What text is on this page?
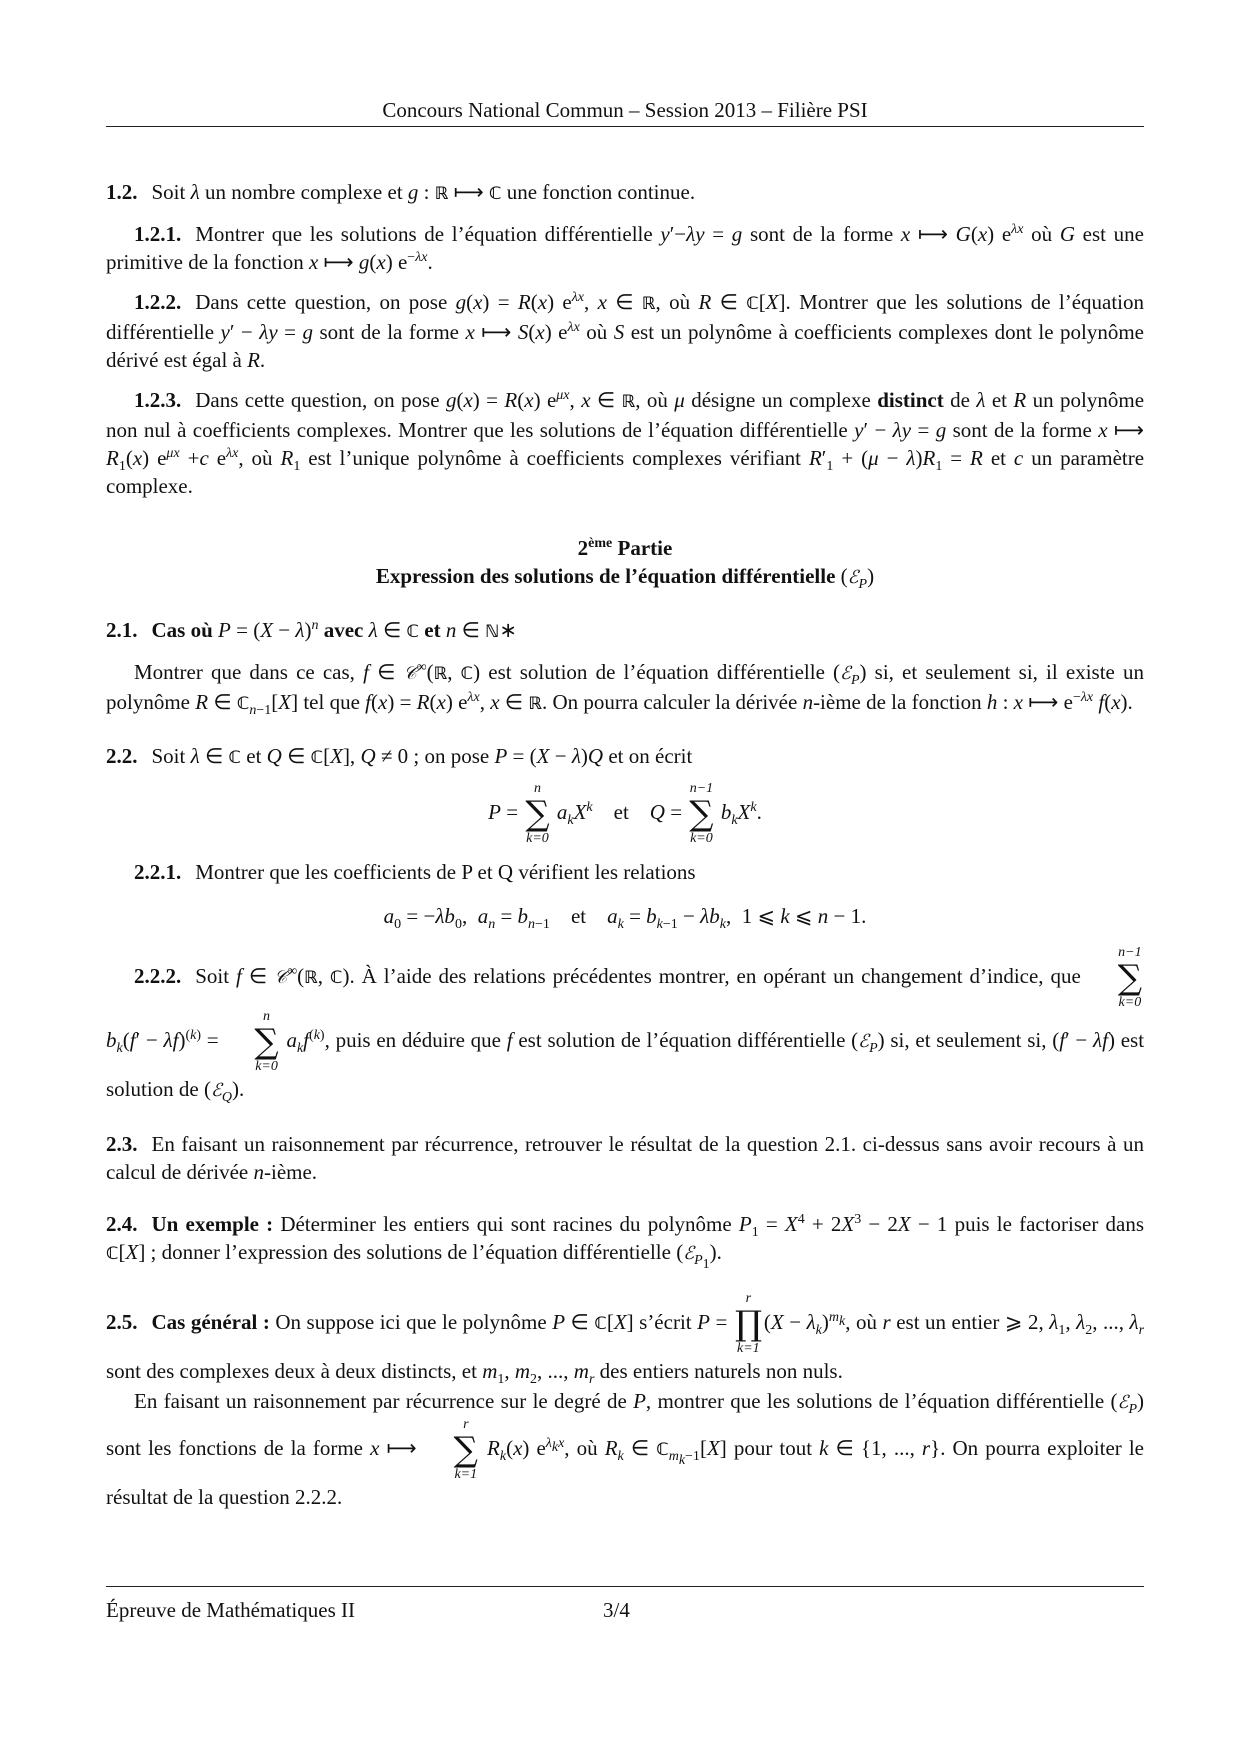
Concours National Commun – Session 2013 – Filière PSI

1.2. Soit λ un nombre complexe et g : ℝ ⟼ ℂ une fonction continue.

1.2.1. Montrer que les solutions de l’équation différentielle y′−λy = g sont de la forme x ⟼ G(x) $e^{\lambda x}$ où G est une primitive de la fonction x ⟼ g(x) $e^{-\lambda x}$.

1.2.2. Dans cette question, on pose g(x) = R(x) $e^{\lambda x}$, x ∈ ℝ, où R ∈ ℂ[X]. Montrer que les solutions de l’équation différentielle y′ − λy = g sont de la forme x ⟼ S(x) $e^{\lambda x}$ où S est un polynôme à coefficients complexes dont le polynôme dérivé est égal à R.

1.2.3. Dans cette question, on pose g(x) = R(x) $e^{\mu x}$, x ∈ ℝ, où μ désigne un complexe distinct de λ et R un polynôme non nul à coefficients complexes. Montrer que les solutions de l’équation différentielle y′ − λy = g sont de la forme x ⟼ $R_1(x)$ $e^{\mu x} +c$ $e^{\lambda x}$, où $R_1$ est l’unique polynôme à coefficients complexes vérifiant $R'_1 + (\mu - \lambda)R_1 = R$ et c un paramètre complexe.

2ème Partie

Expression des solutions de l’équation différentielle (ℰ$_P$)

2.1. Cas où $P = (X - \lambda)^n$ avec λ ∈ ℂ et n ∈ ℕ∗

Montrer que dans ce cas, f ∈ 𝒞∞(ℝ, ℂ) est solution de l’équation différentielle (ℰ$_P$) si, et seulement si, il existe un polynôme R ∈ ℂ$_{n-1}$[X] tel que f(x) = R(x) $e^{\lambda x}$, x ∈ ℝ. On pourra calculer la dérivée n-ième de la fonction h : x ⟼ $e^{-\lambda x}$ f(x).

2.2. Soit λ ∈ ℂ et Q ∈ ℂ[X], Q ≠ 0 ; on pose P = (X − λ)Q et on écrit

P =
n
∑
k=0
$a_kX^k$    et    Q =
n−1
∑
k=0
$b_kX^k$.

2.2.1. Montrer que les coefficients de P et Q vérifient les relations

$a_0 = -\lambda b_0$,  $a_n = b_{n-1}$    et    $a_k = b_{k-1} - \lambda b_k$,  1 ⩽ k ⩽ n − 1.

2.2.2. Soit f ∈ 𝒞∞(ℝ, ℂ). À l’aide des relations précédentes montrer, en opérant un changement d’indice, que
n−1
∑
k=0
$b_k(f' - \lambda f)^{(k)}$ =
n
∑
k=0
$a_kf^{(k)}$, puis en déduire que f est solution de l’équation différentielle (ℰ$_P$) si, et seulement si, (f′ − λf) est solution de (ℰ$_Q$).

2.3. En faisant un raisonnement par récurrence, retrouver le résultat de la question 2.1. ci-dessus sans avoir recours à un calcul de dérivée n-ième.

2.4. Un exemple : Déterminer les entiers qui sont racines du polynôme $P_1 = X^4 + 2X^3 - 2X - 1$ puis le factoriser dans ℂ[X] ; donner l’expression des solutions de l’équation différentielle (ℰ$_{P_1}$).

2.5. Cas général : On suppose ici que le polynôme P ∈ ℂ[X] s’écrit P =
r
∏
k=1
$(X - \lambda_k)^{m_k}$, où r est un entier ⩾ 2, $\lambda_1$, $\lambda_2$, ..., $\lambda_r$ sont des complexes deux à deux distincts, et $m_1$, $m_2$, ..., $m_r$ des entiers naturels non nuls.

En faisant un raisonnement par récurrence sur le degré de P, montrer que les solutions de l’équation différentielle (ℰ$_P$) sont les fonctions de la forme x ⟼
r
∑
k=1
$R_k(x)$ $e^{\lambda_kx}$, où $R_k$ ∈ ℂ$_{m_k-1}$[X] pour tout k ∈ {1, ..., r}. On pourra exploiter le résultat de la question 2.2.2.

Épreuve de Mathématiques II	3/4
